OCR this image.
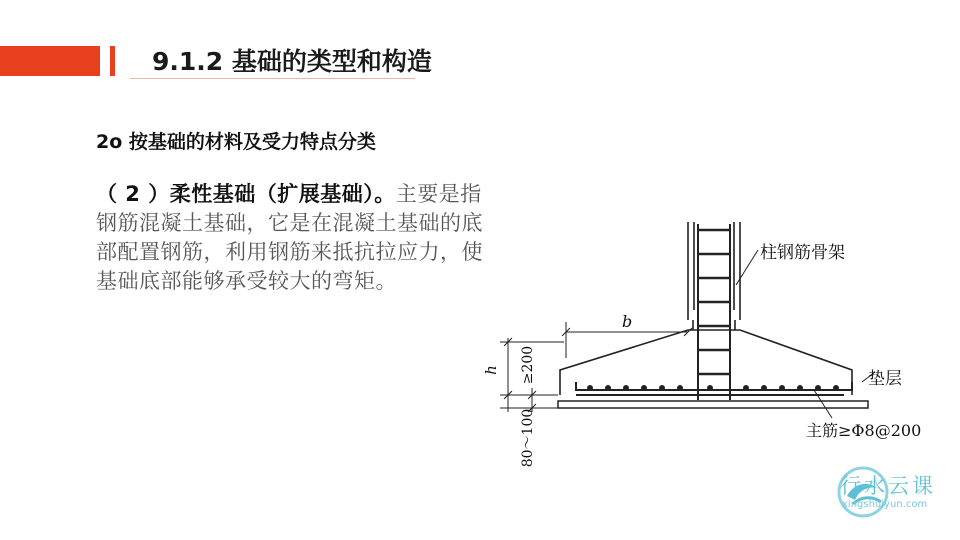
9.1.2 基础的类型和构造
2o 按基础的材料及受力特点分类
（ 2 ）柔性基础（扩展基础）。主要是指钢筋混凝土基础，它是在混凝土基础的底部配置钢筋，利用钢筋来抵抗拉应力，使基础底部能够承受较大的弯矩。
柱钢筋骨架
b
垫层
主筋≥Φ8@200
h ≥200
80～100
行水云课
xingshuiyun.com
